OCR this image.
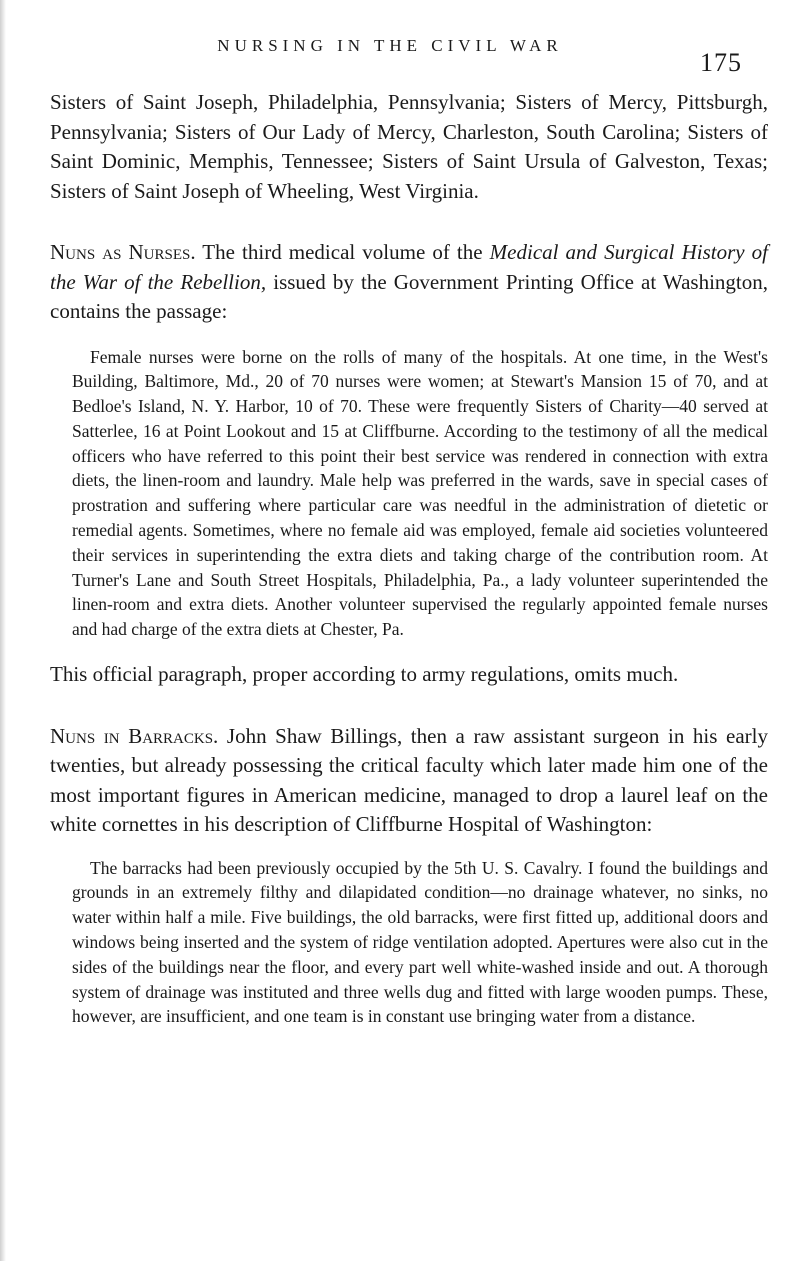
NURSING IN THE CIVIL WAR
175

Sisters of Saint Joseph, Philadelphia, Pennsylvania; Sisters of Mercy, Pittsburgh, Pennsylvania; Sisters of Our Lady of Mercy, Charleston, South Carolina; Sisters of Saint Dominic, Memphis, Tennessee; Sisters of Saint Ursula of Galveston, Texas; Sisters of Saint Joseph of Wheeling, West Virginia.

Nuns as Nurses. The third medical volume of the Medical and Surgical History of the War of the Rebellion, issued by the Government Printing Office at Washington, contains the passage:

Female nurses were borne on the rolls of many of the hospitals. At one time, in the West's Building, Baltimore, Md., 20 of 70 nurses were women; at Stewart's Mansion 15 of 70, and at Bedloe's Island, N. Y. Harbor, 10 of 70. These were frequently Sisters of Charity—40 served at Satterlee, 16 at Point Lookout and 15 at Cliffburne. According to the testimony of all the medical officers who have referred to this point their best service was rendered in connection with extra diets, the linen-room and laundry. Male help was preferred in the wards, save in special cases of prostration and suffering where particular care was needful in the administration of dietetic or remedial agents. Sometimes, where no female aid was employed, female aid societies volunteered their services in superintending the extra diets and taking charge of the contribution room. At Turner's Lane and South Street Hospitals, Philadelphia, Pa., a lady volunteer superintended the linen-room and extra diets. Another volunteer supervised the regularly appointed female nurses and had charge of the extra diets at Chester, Pa.

This official paragraph, proper according to army regulations, omits much.

Nuns in Barracks. John Shaw Billings, then a raw assistant surgeon in his early twenties, but already possessing the critical faculty which later made him one of the most important figures in American medicine, managed to drop a laurel leaf on the white cornettes in his description of Cliffburne Hospital of Washington:

The barracks had been previously occupied by the 5th U. S. Cavalry. I found the buildings and grounds in an extremely filthy and dilapidated condition—no drainage whatever, no sinks, no water within half a mile. Five buildings, the old barracks, were first fitted up, additional doors and windows being inserted and the system of ridge ventilation adopted. Apertures were also cut in the sides of the buildings near the floor, and every part well white-washed inside and out. A thorough system of drainage was instituted and three wells dug and fitted with large wooden pumps. These, however, are insufficient, and one team is in constant use bringing water from a distance.
